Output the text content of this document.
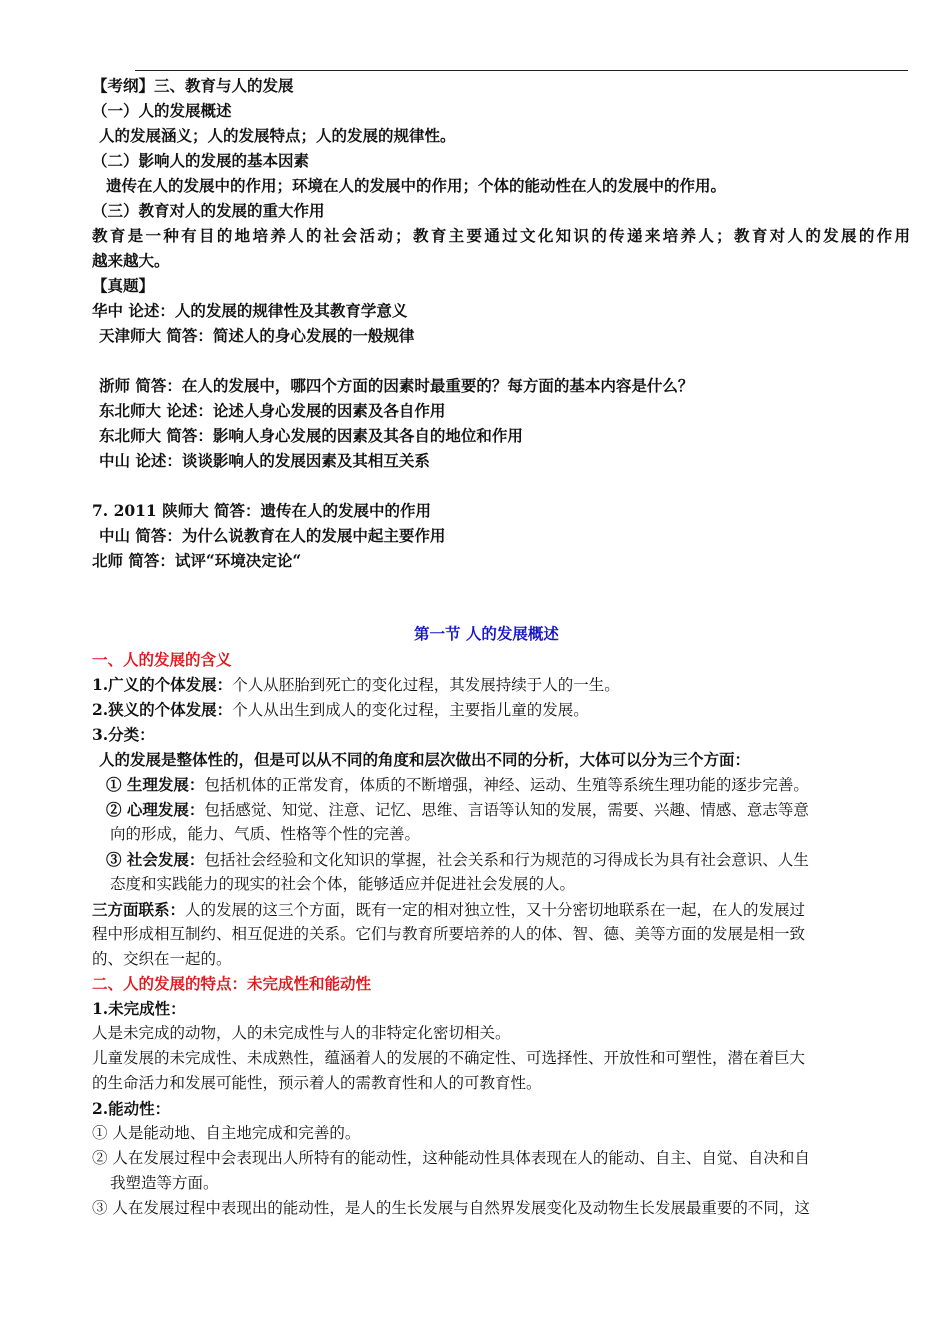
【考纲】三、教育与人的发展
（一）人的发展概述
人的发展涵义；人的发展特点；人的发展的规律性。
（二）影响人的发展的基本因素
遗传在人的发展中的作用；环境在人的发展中的作用；个体的能动性在人的发展中的作用。
（三）教育对人的发展的重大作用
教育是一种有目的地培养人的社会活动；教育主要通过文化知识的传递来培养人；教育对人的发展的作用
越来越大。
【真题】
华中 论述：人的发展的规律性及其教育学意义
天津师大 简答：简述人的身心发展的一般规律
浙师 简答：在人的发展中，哪四个方面的因素时最重要的？每方面的基本内容是什么？
东北师大 论述：论述人身心发展的因素及各自作用
东北师大 简答：影响人身心发展的因素及其各自的地位和作用
中山 论述：谈谈影响人的发展因素及其相互关系
7. 2011 陕师大 简答：遗传在人的发展中的作用
中山 简答：为什么说教育在人的发展中起主要作用
北师 简答：试评“环境决定论“
第一节 人的发展概述
一、人的发展的含义
1.广义的个体发展：个人从胚胎到死亡的变化过程，其发展持续于人的一生。
2.狭义的个体发展：个人从出生到成人的变化过程，主要指儿童的发展。
3.分类：
人的发展是整体性的，但是可以从不同的角度和层次做出不同的分析，大体可以分为三个方面：
① 生理发展：包括机体的正常发育，体质的不断增强，神经、运动、生殖等系统生理功能的逐步完善。
② 心理发展：包括感觉、知觉、注意、记忆、思维、言语等认知的发展，需要、兴趣、情感、意志等意
向的形成，能力、气质、性格等个性的完善。
③ 社会发展：包括社会经验和文化知识的掌握，社会关系和行为规范的习得成长为具有社会意识、人生
态度和实践能力的现实的社会个体，能够适应并促进社会发展的人。
三方面联系：人的发展的这三个方面，既有一定的相对独立性，又十分密切地联系在一起，在人的发展过
程中形成相互制约、相互促进的关系。它们与教育所要培养的人的体、智、德、美等方面的发展是相一致
的、交织在一起的。
二、人的发展的特点：未完成性和能动性
1.未完成性：
人是未完成的动物，人的未完成性与人的非特定化密切相关。
儿童发展的未完成性、未成熟性，蕴涵着人的发展的不确定性、可选择性、开放性和可塑性，潜在着巨大
的生命活力和发展可能性，预示着人的需教育性和人的可教育性。
2.能动性：
① 人是能动地、自主地完成和完善的。
② 人在发展过程中会表现出人所特有的能动性，这种能动性具体表现在人的能动、自主、自觉、自决和自
我塑造等方面。
③ 人在发展过程中表现出的能动性，是人的生长发展与自然界发展变化及动物生长发展最重要的不同，这
